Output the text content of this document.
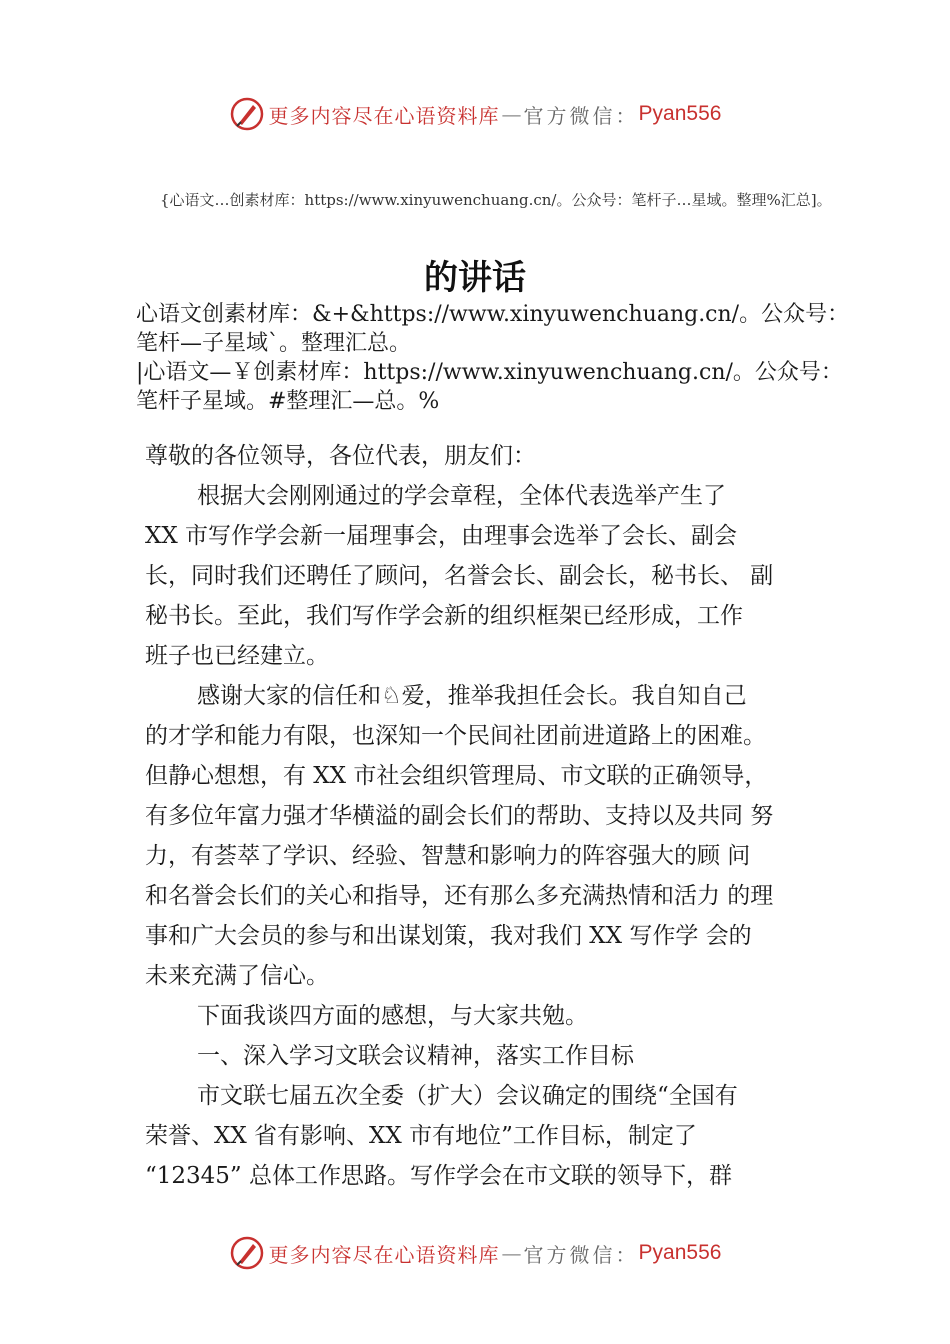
更多内容尽在心语资料库 — 官方微信： Pyan556
{心语文…创素材库：https://www.xinyuwenchuang.cn/。公众号：笔杆子…星域。整理%汇总]。
的讲话

心语文创素材库：&+&https://www.xinyuwenchuang.cn/。公众号：笔杆—子星域`。整理汇总。

|心语文—￥创素材库：https://www.xinyuwenchuang.cn/。公众号：笔杆子星域。#整理汇—总。%

尊敬的各位领导，各位代表，朋友们：
根据大会刚刚通过的学会章程，全体代表选举产生了
XX 市写作学会新一届理事会，由理事会选举了会长、副会
长，同时我们还聘任了顾问，名誉会长、副会长，秘书长、 副
秘书长。至此，我们写作学会新的组织框架已经形成，工作
班子也已经建立。
感谢大家的信任和♘爱，推举我担任会长。我自知自己
的才学和能力有限，也深知一个民间社团前进道路上的困难。
但静心想想，有 XX 市社会组织管理局、市文联的正确领导，
有多位年富力强才华横溢的副会长们的帮助、支持以及共同 努
力，有荟萃了学识、经验、智慧和影响力的阵容强大的顾 问
和名誉会长们的关心和指导，还有那么多充满热情和活力 的理
事和广大会员的参与和出谋划策，我对我们 XX 写作学 会的
未来充满了信心。
下面我谈四方面的感想，与大家共勉。
一、深入学习文联会议精神，落实工作目标
市文联七届五次全委（扩大）会议确定的围绕“全国有
荣誉、XX 省有影响、XX 市有地位”工作目标，制定了
“12345” 总体工作思路。写作学会在市文联的领导下，群
更多内容尽在心语资料库 — 官方微信： Pyan556
